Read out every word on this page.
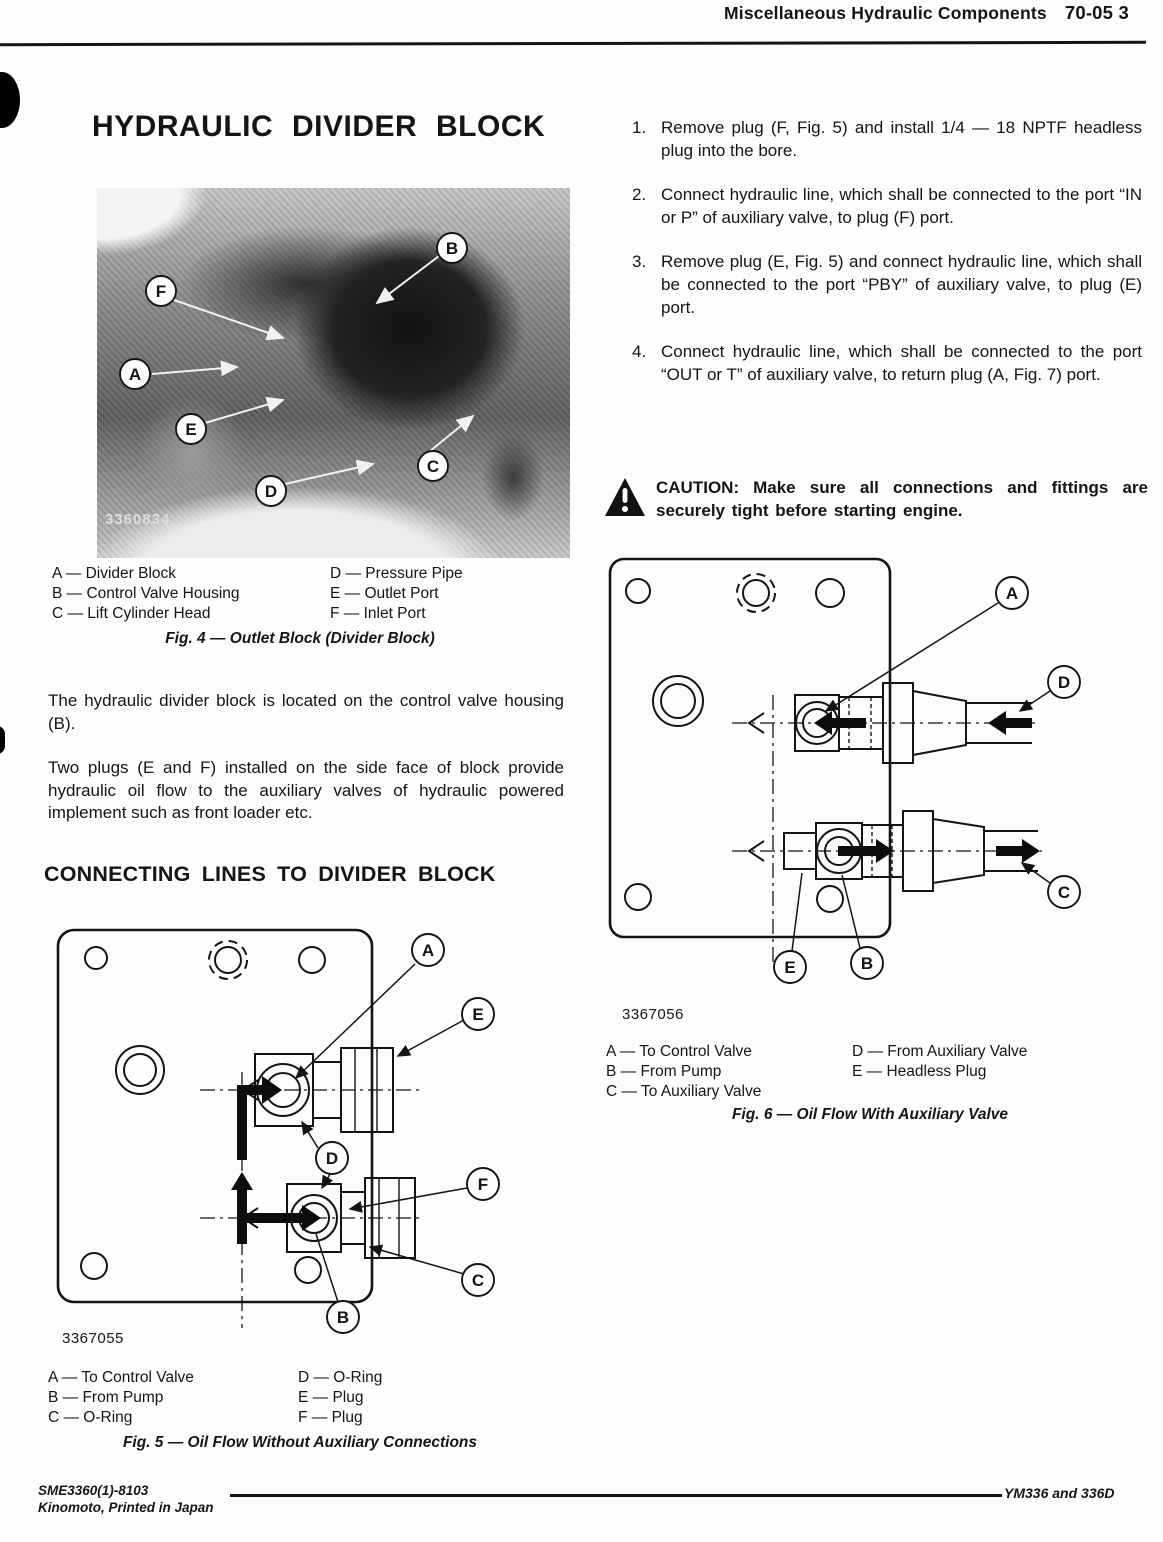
Miscellaneous Hydraulic Components 70-05 3
HYDRAULIC DIVIDER BLOCK
B
F
A
E
D
C
3360834
A — Divider Block
B — Control Valve Housing
C — Lift Cylinder Head
D — Pressure Pipe
E — Outlet Port
F — Inlet Port
Fig. 4 — Outlet Block (Divider Block)
The hydraulic divider block is located on the control valve housing (B).
Two plugs (E and F) installed on the side face of block provide hydraulic oil flow to the auxiliary valves of hydraulic powered implement such as front loader etc.
CONNECTING LINES TO DIVIDER BLOCK
A
E
D
F
C
B
3367055
A — To Control Valve
B — From Pump
C — O-Ring
D — O-Ring
E — Plug
F — Plug
Fig. 5 — Oil Flow Without Auxiliary Connections
1. Remove plug (F, Fig. 5) and install 1/4 — 18 NPTF headless plug into the bore.
2. Connect hydraulic line, which shall be connected to the port “IN or P” of auxiliary valve, to plug (F) port.
3. Remove plug (E, Fig. 5) and connect hydraulic line, which shall be connected to the port “PBY” of auxiliary valve, to plug (E) port.
4. Connect hydraulic line, which shall be connected to the port “OUT or T” of auxiliary valve, to return plug (A, Fig. 7) port.
CAUTION: Make sure all connections and fittings are securely tight before starting engine.
A
D
C
E	B
3367056
A — To Control Valve
B — From Pump
C — To Auxiliary Valve
D — From Auxiliary Valve
E — Headless Plug
Fig. 6 — Oil Flow With Auxiliary Valve
SME3360(1)-8103
Kinomoto, Printed in Japan
YM336 and 336D
